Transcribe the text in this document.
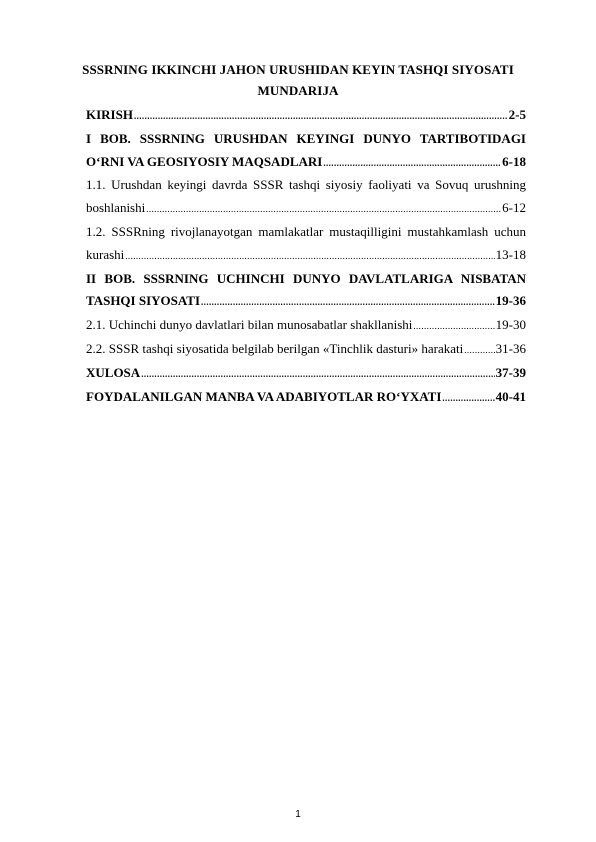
SSSRNING IKKINCHI JAHON URUSHIDAN KEYIN TASHQI SIYOSATI
MUNDARIJA
KIRISH .....	2-5
I BOB. SSSRNING URUSHDAN KEYINGI DUNYO TARTIBOTIDAGI
O‘RNI VA GEOSIYOSIY MAQSADLARI .....	6-18
1.1. Urushdan keyingi davrda SSSR tashqi siyosiy faoliyati va Sovuq urushning
boshlanishi .....	6-12
1.2. SSSRning rivojlanayotgan mamlakatlar mustaqilligini mustahkamlash uchun
kurashi .....	13-18
II BOB. SSSRNING UCHINCHI DUNYO DAVLATLARIGA NISBATAN
TASHQI SIYOSATI .....	19-36
2.1. Uchinchi dunyo davlatlari bilan munosabatlar shakllanishi .....	19-30
2.2. SSSR tashqi siyosatida belgilab berilgan «Tinchlik dasturi» harakati ..... 31-36
XULOSA .....	37-39
FOYDALANILGAN MANBA VA ADABIYOTLAR RO‘YXATI .....	40-41
1
